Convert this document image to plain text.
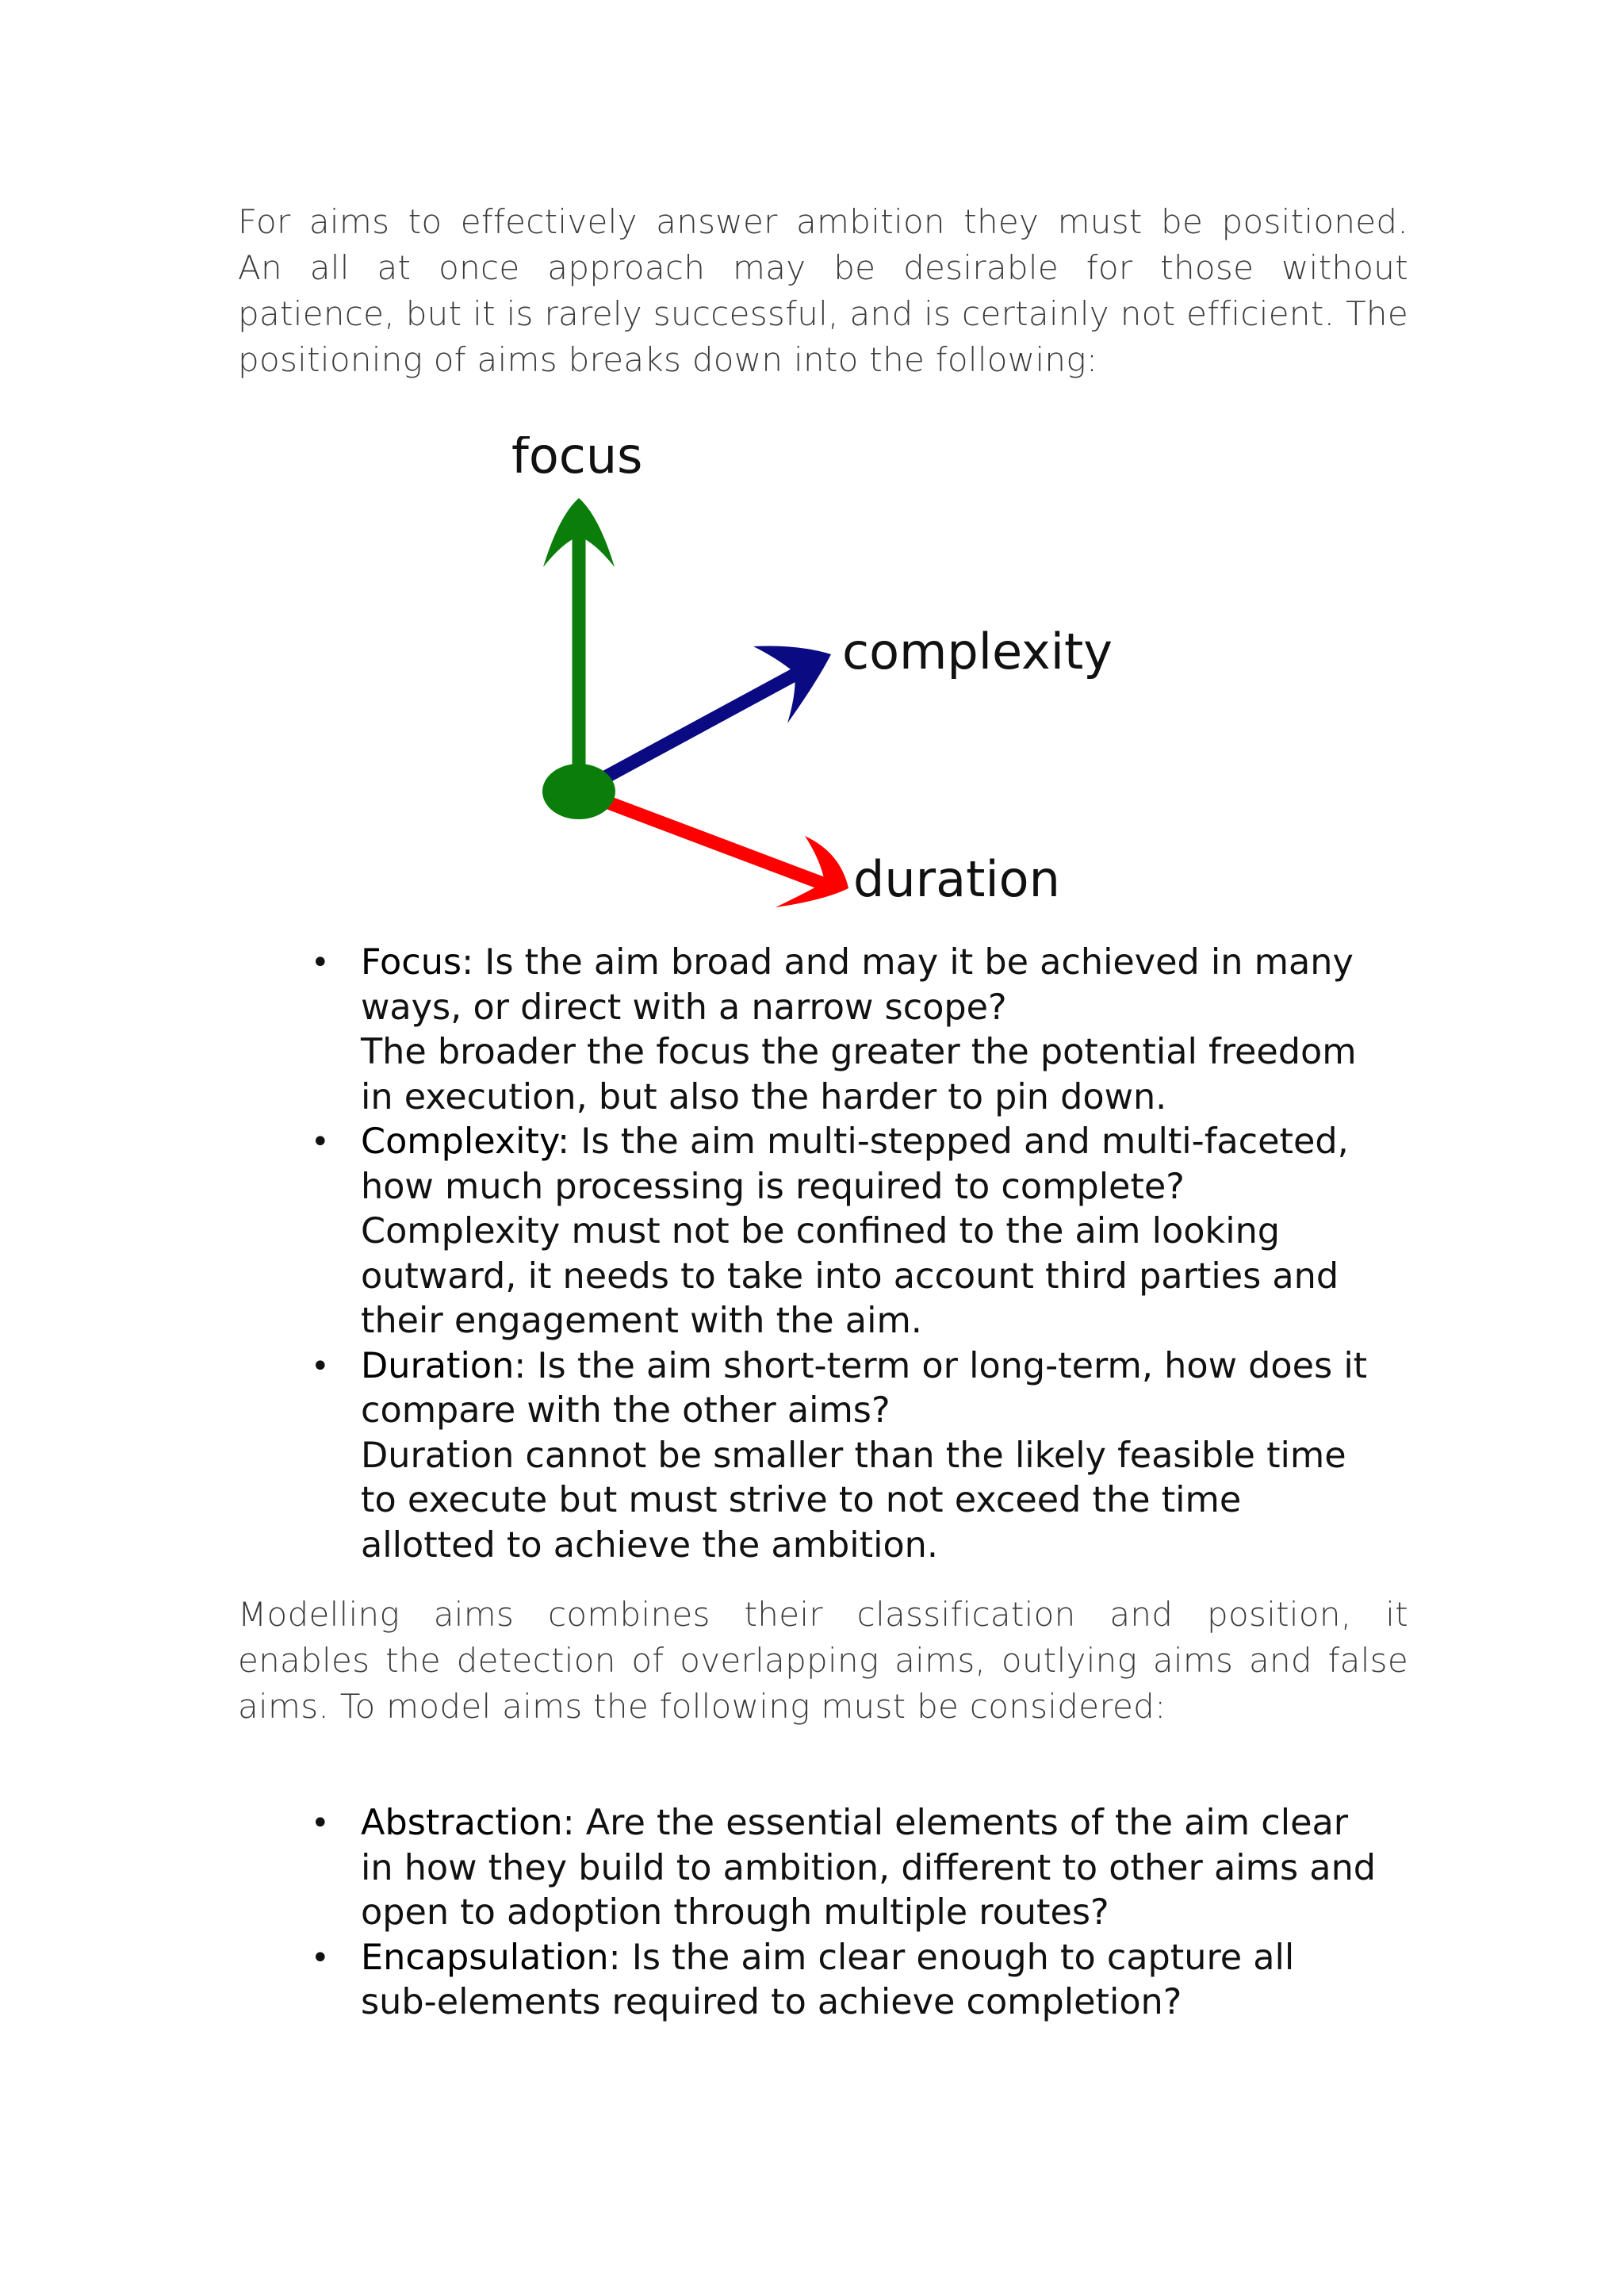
For aims to effectively answer ambition they must be positioned.
An all at once approach may be desirable for those without
patience, but it is rarely successful, and is certainly not efficient. The
positioning of aims breaks down into the following:
focus
complexity
duration
• Focus: Is the aim broad and may it be achieved in many
ways, or direct with a narrow scope?
The broader the focus the greater the potential freedom
in execution, but also the harder to pin down.
• Complexity: Is the aim multi-stepped and multi-faceted,
how much processing is required to complete?
Complexity must not be confined to the aim looking
outward, it needs to take into account third parties and
their engagement with the aim.
• Duration: Is the aim short-term or long-term, how does it
compare with the other aims?
Duration cannot be smaller than the likely feasible time
to execute but must strive to not exceed the time
allotted to achieve the ambition.
Modelling aims combines their classification and position, it
enables the detection of overlapping aims, outlying aims and false
aims. To model aims the following must be considered:
• Abstraction: Are the essential elements of the aim clear
in how they build to ambition, different to other aims and
open to adoption through multiple routes?
• Encapsulation: Is the aim clear enough to capture all
sub-elements required to achieve completion?
